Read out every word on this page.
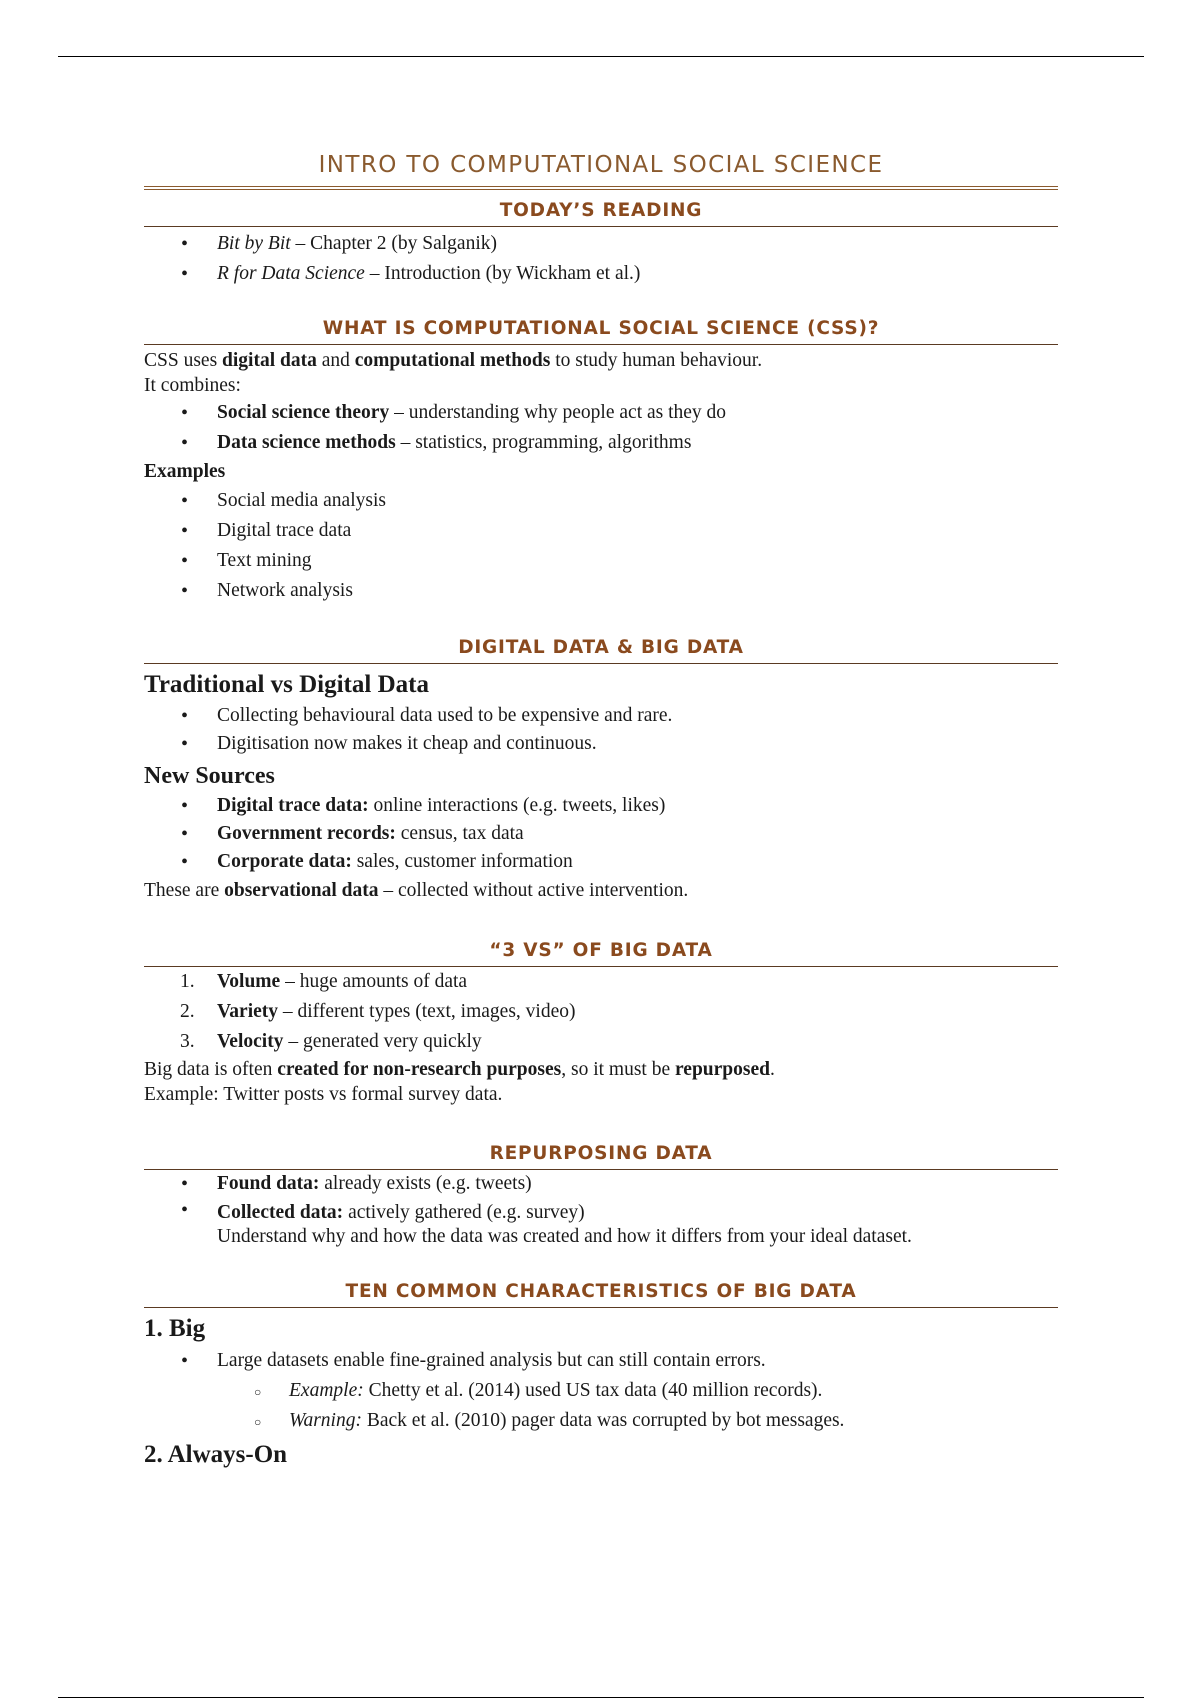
INTRO TO COMPUTATIONAL SOCIAL SCIENCE
TODAY’S READING
• Bit by Bit – Chapter 2 (by Salganik)
• R for Data Science – Introduction (by Wickham et al.)
WHAT IS COMPUTATIONAL SOCIAL SCIENCE (CSS)?

CSS uses digital data and computational methods to study human behaviour.

It combines:

• Social science theory – understanding why people act as they do
• Data science methods – statistics, programming, algorithms

Examples

• Social media analysis
• Digital trace data
• Text mining
• Network analysis
DIGITAL DATA & BIG DATA

Traditional vs Digital Data

• Collecting behavioural data used to be expensive and rare.
• Digitisation now makes it cheap and continuous.

New Sources

• Digital trace data: online interactions (e.g. tweets, likes)
• Government records: census, tax data
• Corporate data: sales, customer information

These are observational data – collected without active intervention.

“3 VS” OF BIG DATA
1. Volume – huge amounts of data
2. Variety – different types (text, images, video)
3. Velocity – generated very quickly

Big data is often created for non-research purposes, so it must be repurposed.

Example: Twitter posts vs formal survey data.

REPURPOSING DATA
• Found data: already exists (e.g. tweets)
• Collected data: actively gathered (e.g. survey)
Understand why and how the data was created and how it differs from your ideal dataset.
TEN COMMON CHARACTERISTICS OF BIG DATA

1. Big

• Large datasets enable fine-grained analysis but can still contain errors.
○ Example: Chetty et al. (2014) used US tax data (40 million records).
○ Warning: Back et al. (2010) pager data was corrupted by bot messages.

2. Always-On
